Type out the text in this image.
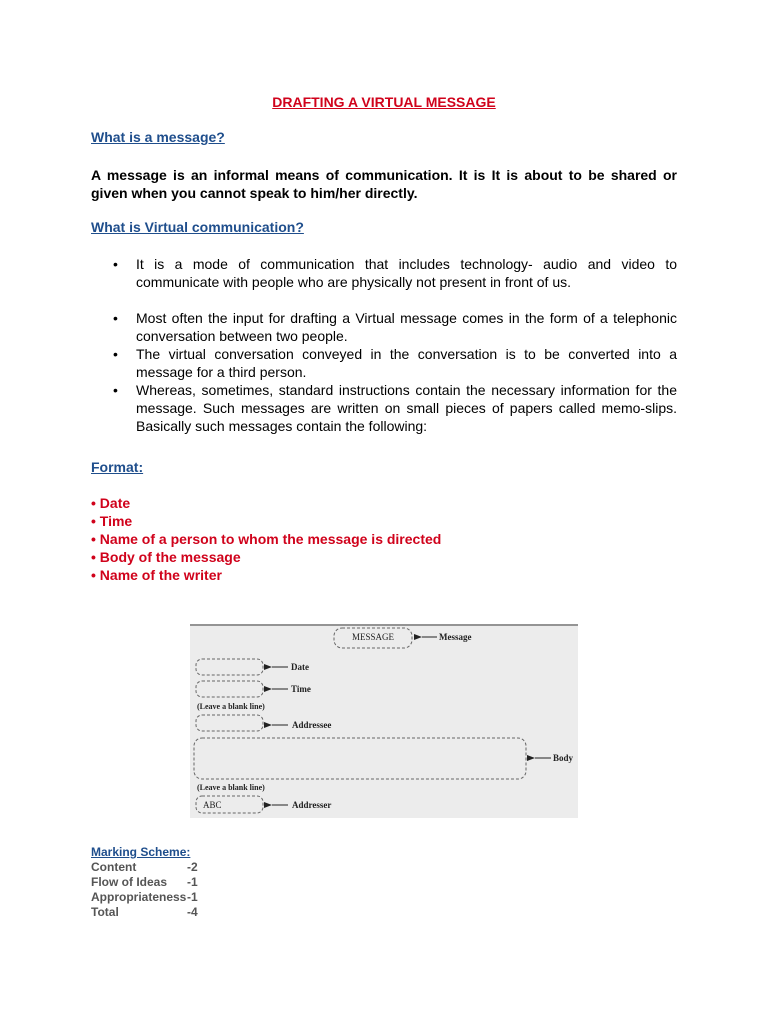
DRAFTING A VIRTUAL MESSAGE
What is a message?
A message is an informal means of communication. It is It is about to be shared or given when you cannot speak to him/her directly.
What is Virtual communication?
• It is a mode of communication that includes technology- audio and video to communicate with people who are physically not present in front of us.
• Most often the input for drafting a Virtual message comes in the form of a telephonic conversation between two people.
• The virtual conversation conveyed in the conversation is to be converted into a message for a third person.
• Whereas, sometimes, standard instructions contain the necessary information for the message. Such messages are written on small pieces of papers called memo-slips. Basically such messages contain the following:
Format:
• Date
• Time
• Name of a person to whom the message is directed
• Body of the message
• Name of the writer
MESSAGE	Message
Date
Time
(Leave a blank line)
Addressee
Body
(Leave a blank line)
ABC	Addresser
Marking Scheme:
Content	-2
Flow of Ideas -1
Appropriateness -1
Total	-4
